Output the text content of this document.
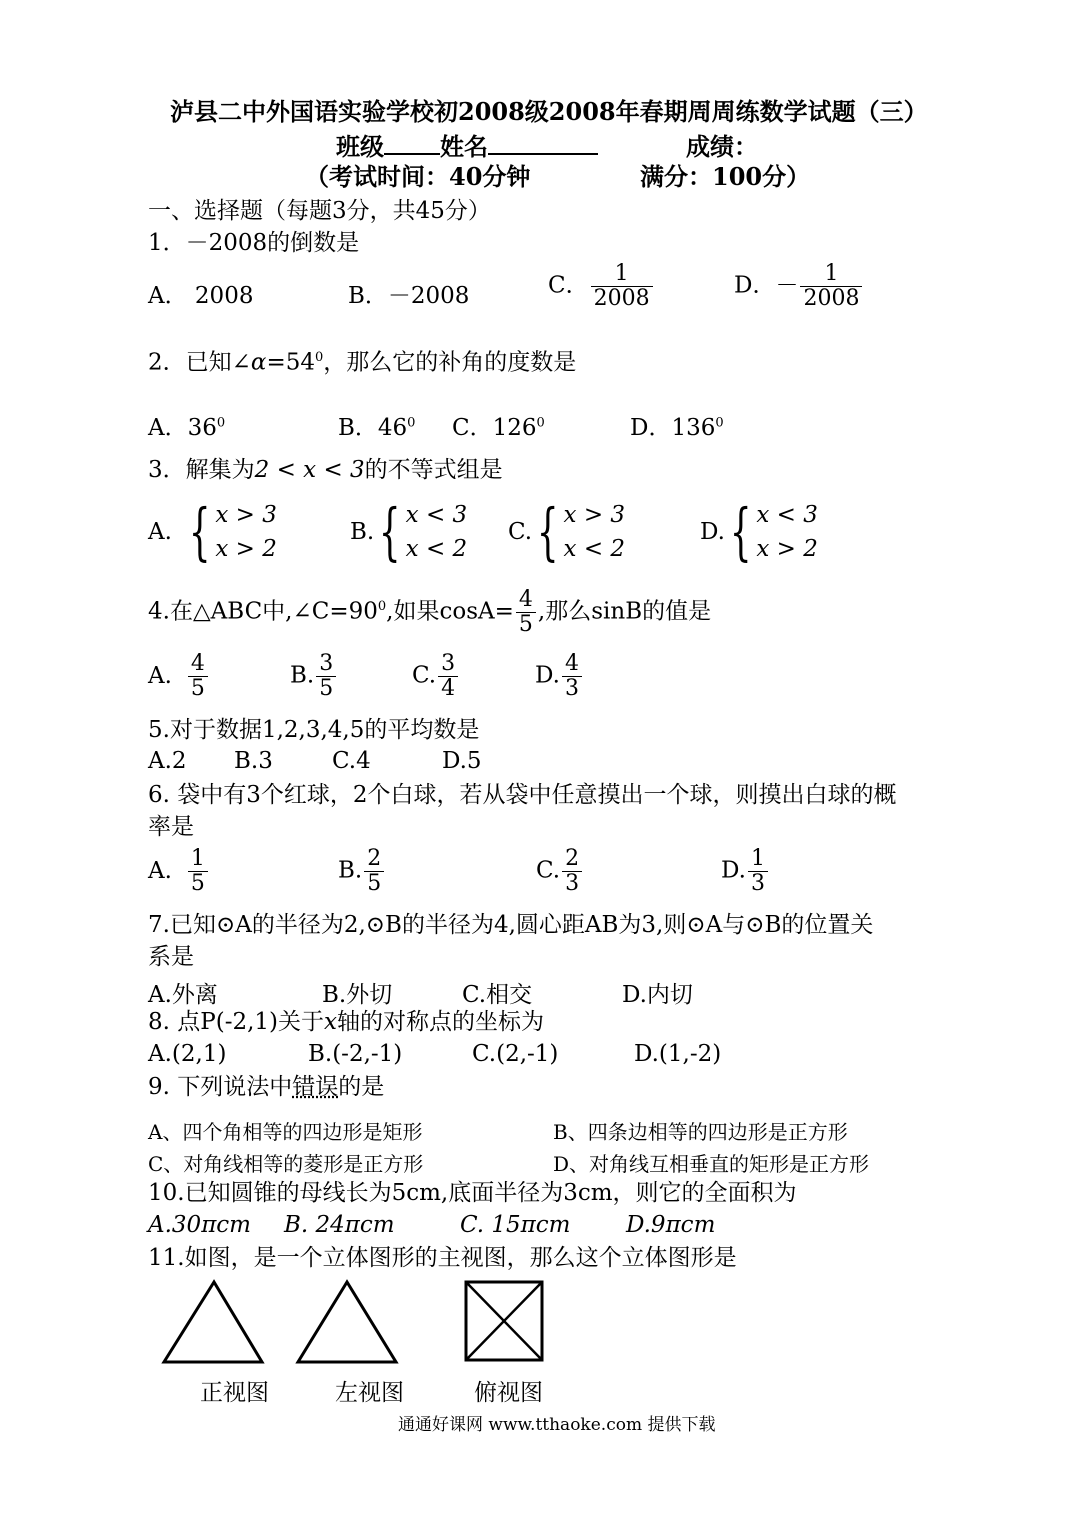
泸县二中外国语实验学校初2008级2008年春期周周练数学试题（三）
班级 姓名	成绩：
（考试时间：40分钟	满分：100分）
一、选择题（每题3分，共45分）
1．－2008的倒数是
A． 2008	B．－2008	C． $\frac{1}{2008}$	D．－ $\frac{1}{2008}$
2．已知$\angle\alpha=54^0$，那么它的补角的度数是
A．$36^0$	B．$46^0$ C．$126^0$	D．$136^0$
3．解集为2 < x < 3的不等式组是
A. { x > 3
x > 2
B. { x < 3
x < 2
C. { x > 3
x < 2
D. { x < 3
x > 2
4.在△ABC中$,\angle C=90^0$,如果$\cos A= \frac{4}{5}$ ,那么sinB的值是
A. $\frac{4}{5}$	B. $\frac{3}{5}$	C. $\frac{3}{4}$	D. $\frac{4}{3}$
5.对于数据1,2,3,4,5的平均数是
A.2 B.3	C.4	D.5
6. 袋中有3个红球，2个白球，若从袋中任意摸出一个球，则摸出白球的概
率是
A. $\frac{1}{5}$	B. $\frac{2}{5}$	C. $\frac{2}{3}$	D. $\frac{1}{3}$
7.已知⊙A的半径为2,⊙B的半径为4,圆心距AB为3,则⊙A与⊙B的位置关
系是
A.外离	B.外切	C.相交	D.内切
8. 点P(-2,1)关于x轴的对称点的坐标为
A.(2,1)	B.(-2,-1)	C.(2,-1)	D.(1,-2)
9. 下列说法中错误的是
A、四个角相等的四边形是矩形	B、四条边相等的四边形是正方形
C、对角线相等的菱形是正方形	D、对角线互相垂直的矩形是正方形
10.已知圆锥的母线长为5cm,底面半径为3cm，则它的全面积为
A.30πcm B. 24πcm	C. 15πcm D.9πcm
11.如图，是一个立体图形的主视图，那么这个立体图形是
正视图	左视图	俯视图
通通好课网 www.tthaoke.com 提供下载
